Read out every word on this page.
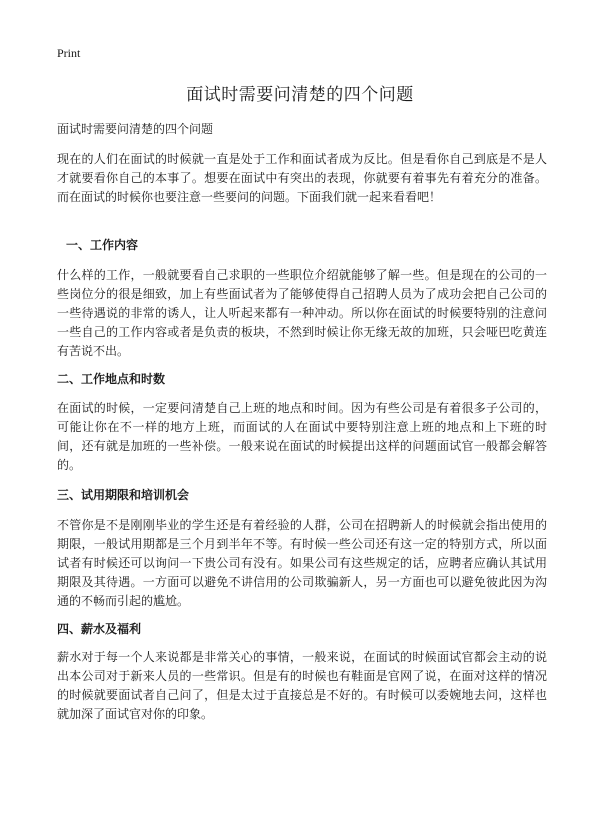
Print
面试时需要问清楚的四个问题

面试时需要问清楚的四个问题

现在的人们在面试的时候就一直是处于工作和面试者成为反比。但是看你自己到底是不是人才就要看你自己的本事了。想要在面试中有突出的表现，你就要有着事先有着充分的准备。而在面试的时候你也要注意一些要问的问题。下面我们就一起来看看吧！

一、工作内容

什么样的工作，一般就要看自己求职的一些职位介绍就能够了解一些。但是现在的公司的一些岗位分的很是细致，加上有些面试者为了能够使得自己招聘人员为了成功会把自己公司的一些待遇说的非常的诱人，让人听起来都有一种冲动。所以你在面试的时候要特别的注意问一些自己的工作内容或者是负责的板块，不然到时候让你无缘无故的加班，只会哑巴吃黄连有苦说不出。

二、工作地点和时数

在面试的时候，一定要问清楚自己上班的地点和时间。因为有些公司是有着很多子公司的，可能让你在不一样的地方上班，而面试的人在面试中要特别注意上班的地点和上下班的时间，还有就是加班的一些补偿。一般来说在面试的时候提出这样的问题面试官一般都会解答的。

三、试用期限和培训机会

不管你是不是刚刚毕业的学生还是有着经验的人群，公司在招聘新人的时候就会指出使用的期限，一般试用期都是三个月到半年不等。有时候一些公司还有这一定的特别方式，所以面试者有时候还可以询问一下贵公司有没有。如果公司有这些规定的话，应聘者应确认其试用期限及其待遇。一方面可以避免不讲信用的公司欺骗新人，另一方面也可以避免彼此因为沟通的不畅而引起的尴尬。

四、薪水及福利

薪水对于每一个人来说都是非常关心的事情，一般来说，在面试的时候面试官都会主动的说出本公司对于新来人员的一些常识。但是有的时候也有鞋面是官网了说，在面对这样的情况的时候就要面试者自己问了，但是太过于直接总是不好的。有时候可以委婉地去问，这样也就加深了面试官对你的印象。
